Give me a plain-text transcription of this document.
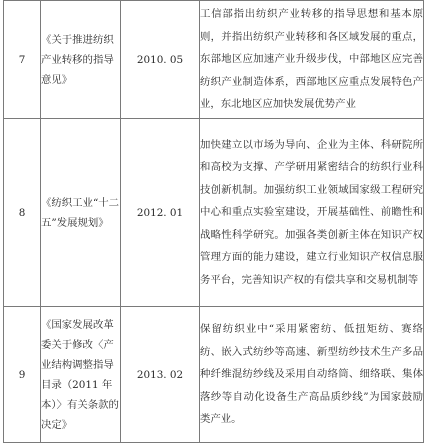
7	《关于推进纺织产业转移的指导意见》	2010. 05	工信部指出纺织产业转移的指导思想和基本原则，并指出纺织产业转移和各区域发展的重点，东部地区应加速产业升级步伐，中部地区应完善纺织产业制造体系，西部地区应重点发展特色产业，东北地区应加快发展优势产业
8	《纺织工业“十二五”发展规划》	2012. 01	加快建立以市场为导向、企业为主体、科研院所和高校为支撑、产学研用紧密结合的纺织行业科技创新机制。加强纺织工业领域国家级工程研究中心和重点实验室建设，开展基础性、前瞻性和战略性科学研究。加强各类创新主体在知识产权管理方面的能力建设，建立行业知识产权信息服务平台，完善知识产权的有偿共享和交易机制等
9	《国家发展改革委关于修改〈产业结构调整指导目录（2011 年本）〉有关条款的决定》	2013. 02	保留纺织业中“采用紧密纺、低扭矩纺、赛络纺、嵌入式纺纱等高速、新型纺纱技术生产多品种纤维混纺纱线及采用自动络筒、细络联、集体落纱等自动化设备生产高品质纱线”为国家鼓励类产业。
